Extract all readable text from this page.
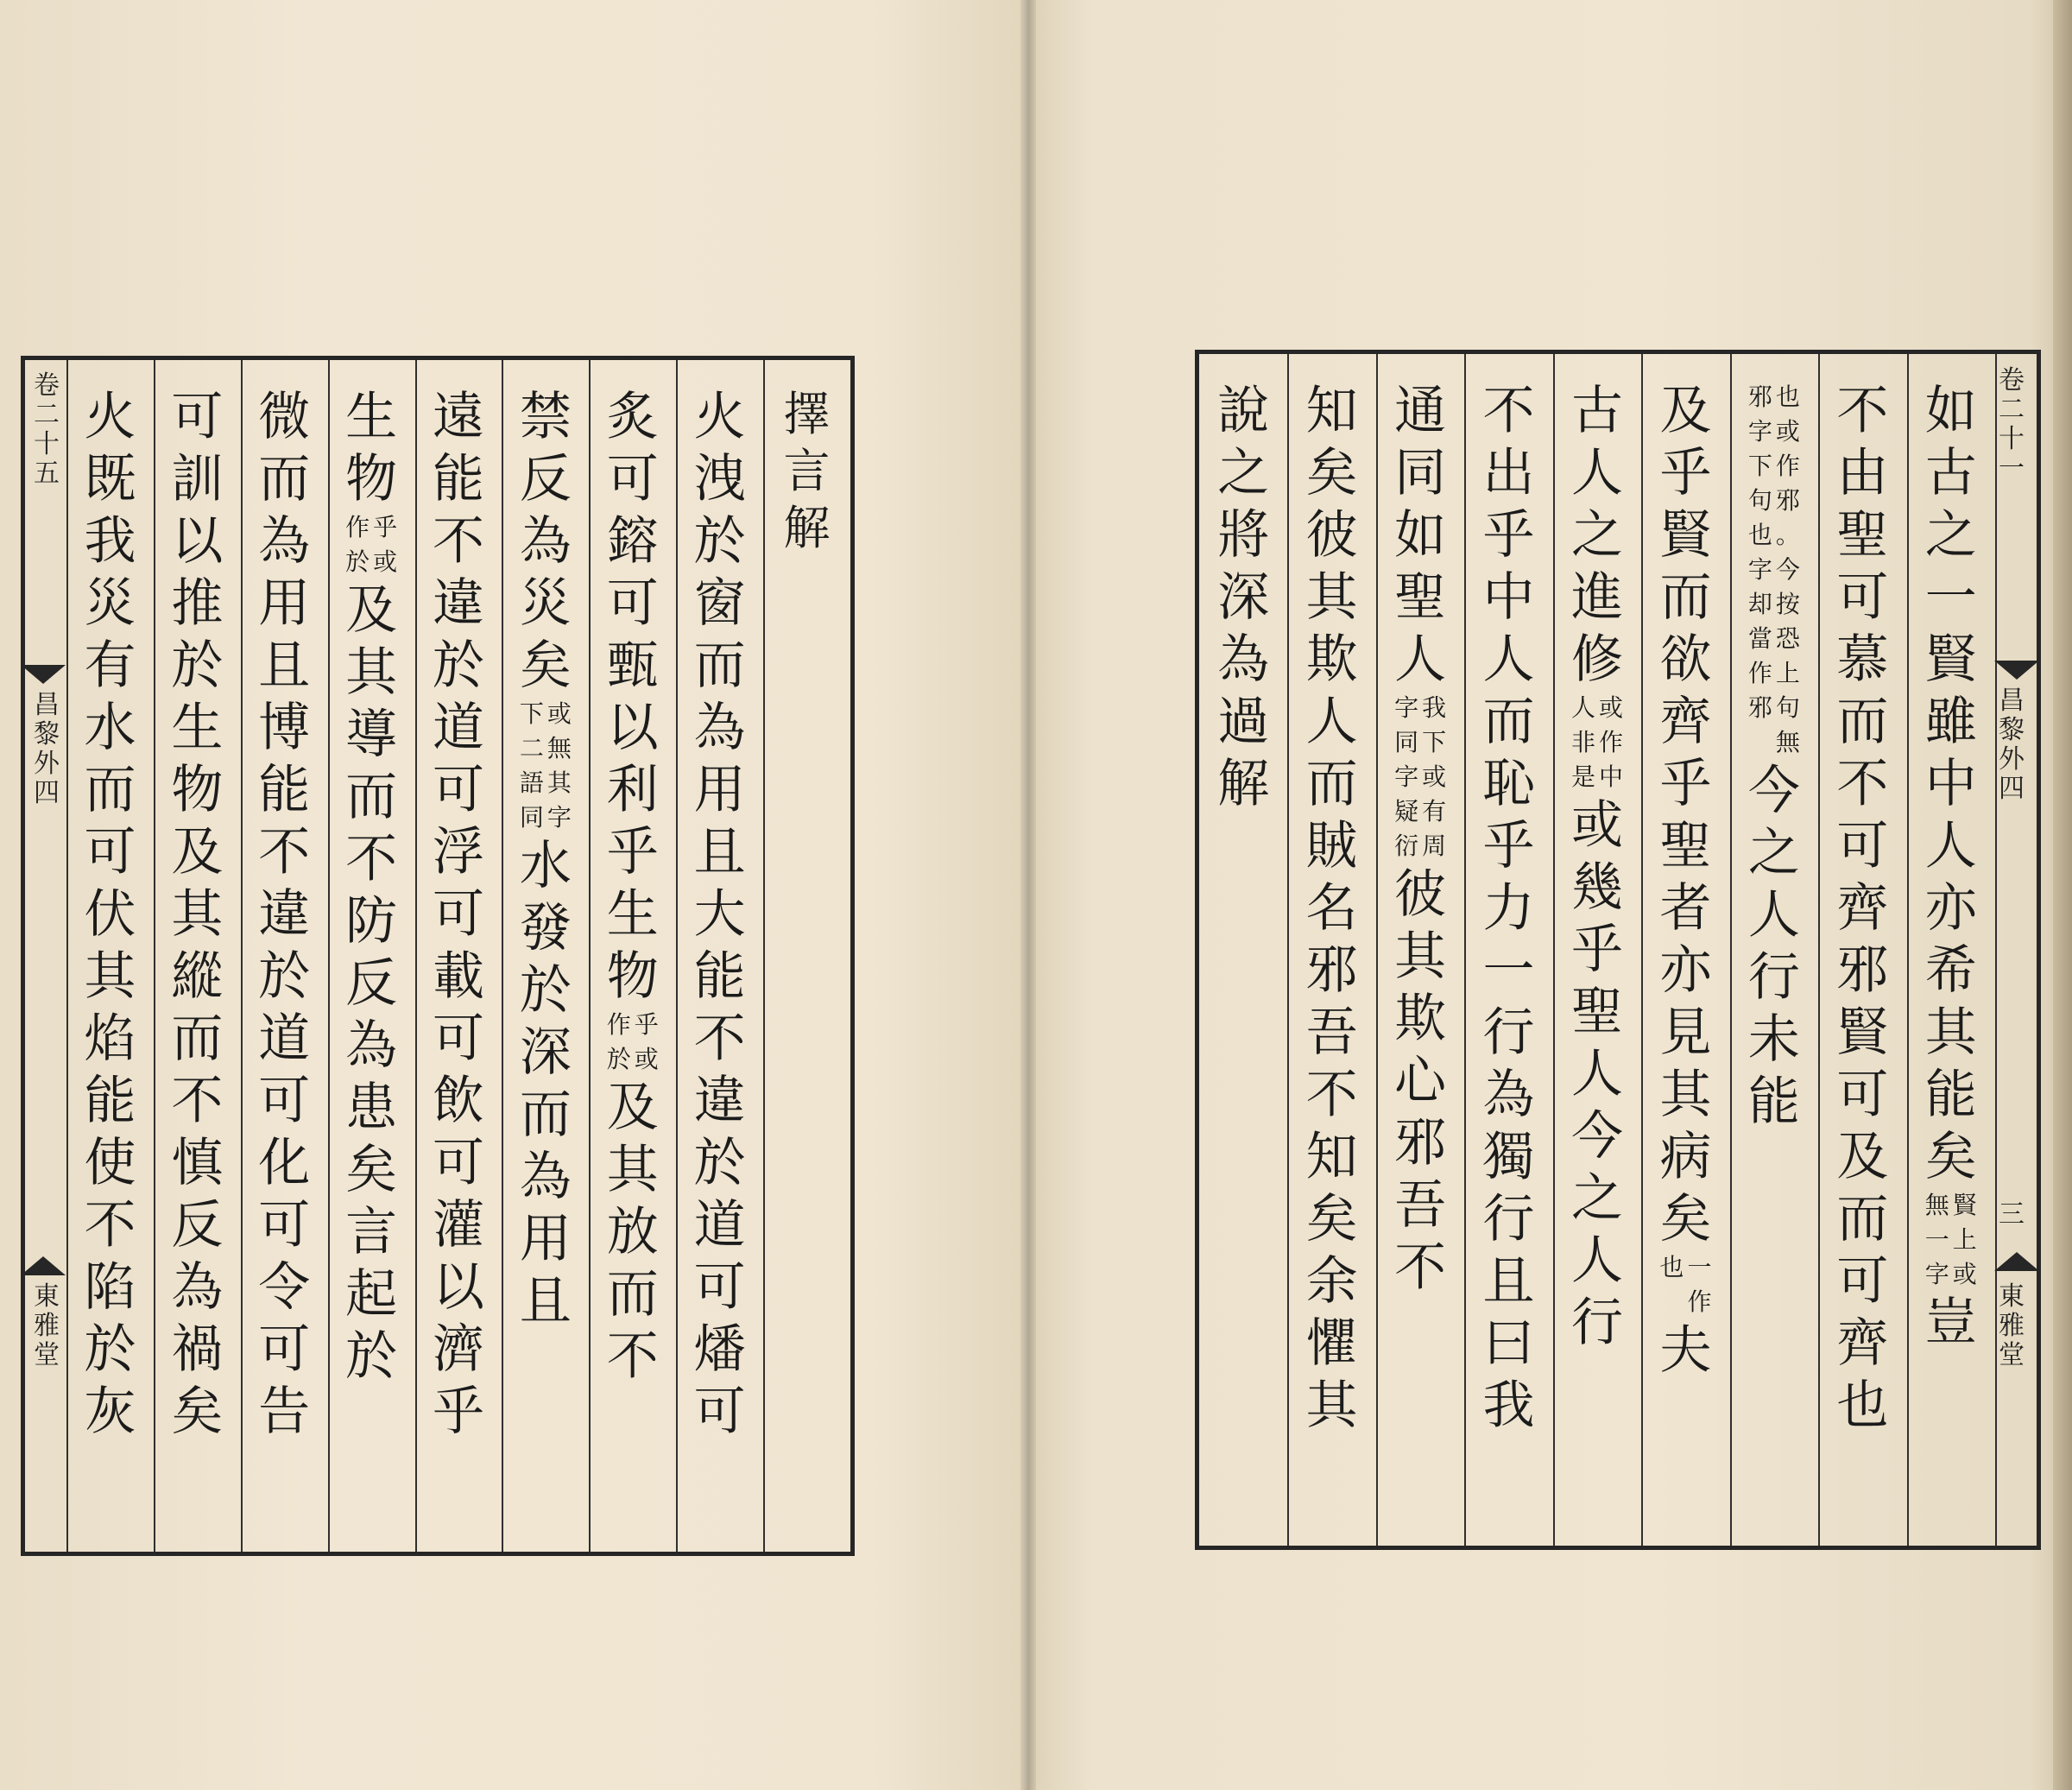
擇
言
解
火
洩
於
窗
而
為
用
且
大
能
不
違
於
道
可
燔
可
炙
可
鎔
可
甄
以
利
乎
生
物
乎
或
作
於
及
其
放
而
不
禁
反
為
災
矣
或
無
其
字
下
二
語
同
水
發
於
深
而
為
用
且
遠
能
不
違
於
道
可
浮
可
載
可
飲
可
灌
以
濟
乎
生
物
乎
或
作
於
及
其
導
而
不
防
反
為
患
矣
言
起
於
微
而
為
用
且
博
能
不
違
於
道
可
化
可
令
可
告
可
訓
以
推
於
生
物
及
其
縱
而
不
慎
反
為
禍
矣
火
既
我
災
有
水
而
可
伏
其
焰
能
使
不
陷
於
灰
卷
二
十
五
昌
黎
外
四
東
雅
堂
如
古
之
一
賢
雖
中
人
亦
希
其
能
矣
賢
上
或
無
一
字
豈
不
由
聖
可
慕
而
不
可
齊
邪
賢
可
及
而
可
齊
也
也
或
作
邪
。
今
按
恐
上
句
無
邪
字
下
句
也
字
却
當
作
邪
今
之
人
行
未
能
及
乎
賢
而
欲
齊
乎
聖
者
亦
見
其
病
矣
一
作
也
夫
古
人
之
進
修
或
作
中
人
非
是
或
幾
乎
聖
人
今
之
人
行
不
出
乎
中
人
而
恥
乎
力
一
行
為
獨
行
且
曰
我
通
同
如
聖
人
我
下
或
有
周
字
同
字
疑
衍
彼
其
欺
心
邪
吾
不
知
矣
彼
其
欺
人
而
賊
名
邪
吾
不
知
矣
余
懼
其
說
之
將
深
為
過
解
卷
二
十
一
昌
黎
外
四
三
東
雅
堂
